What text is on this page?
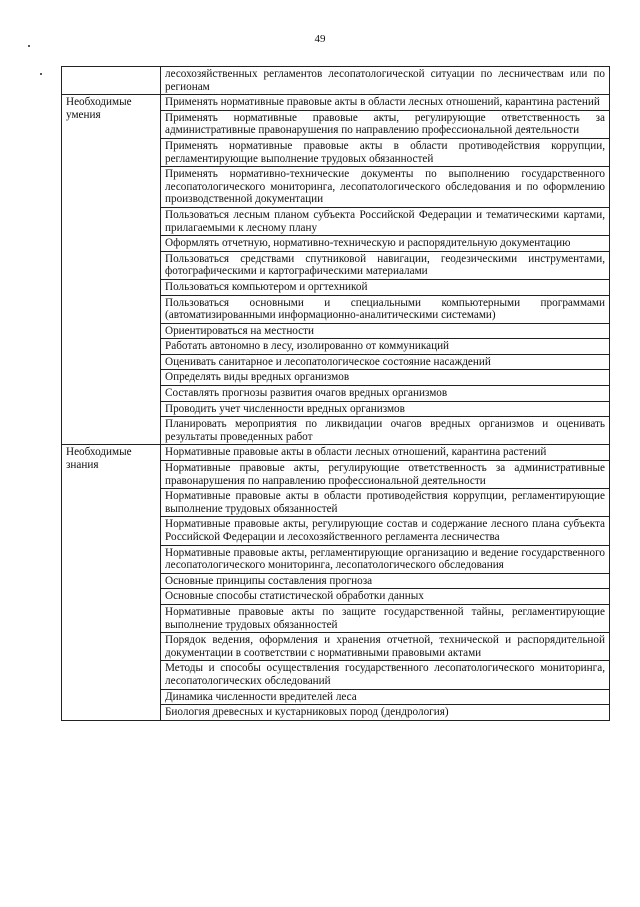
49
	лесохозяйственных регламентов лесопатологической ситуации по лесничествам или по регионам
Необходимые умения	Применять нормативные правовые акты в области лесных отношений, карантина растений
	Применять нормативные правовые акты, регулирующие ответственность за административные правонарушения по направлению профессиональной деятельности
	Применять нормативные правовые акты в области противодействия коррупции, регламентирующие выполнение трудовых обязанностей
	Применять нормативно-технические документы по выполнению государственного лесопатологического мониторинга, лесопатологического обследования и по оформлению производственной документации
	Пользоваться лесным планом субъекта Российской Федерации и тематическими картами, прилагаемыми к лесному плану
	Оформлять отчетную, нормативно-техническую и распорядительную документацию
	Пользоваться средствами спутниковой навигации, геодезическими инструментами, фотографическими и картографическими материалами
	Пользоваться компьютером и оргтехникой
	Пользоваться основными и специальными компьютерными программами (автоматизированными информационно-аналитическими системами)
	Ориентироваться на местности
	Работать автономно в лесу, изолированно от коммуникаций
	Оценивать санитарное и лесопатологическое состояние насаждений
	Определять виды вредных организмов
	Составлять прогнозы развития очагов вредных организмов
	Проводить учет численности вредных организмов
	Планировать мероприятия по ликвидации очагов вредных организмов и оценивать результаты проведенных работ
Необходимые знания	Нормативные правовые акты в области лесных отношений, карантина растений
	Нормативные правовые акты, регулирующие ответственность за административные правонарушения по направлению профессиональной деятельности
	Нормативные правовые акты в области противодействия коррупции, регламентирующие выполнение трудовых обязанностей
	Нормативные правовые акты, регулирующие состав и содержание лесного плана субъекта Российской Федерации и лесохозяйственного регламента лесничества
	Нормативные правовые акты, регламентирующие организацию и ведение государственного лесопатологического мониторинга, лесопатологического обследования
	Основные принципы составления прогноза
	Основные способы статистической обработки данных
	Нормативные правовые акты по защите государственной тайны, регламентирующие выполнение трудовых обязанностей
	Порядок ведения, оформления и хранения отчетной, технической и распорядительной документации в соответствии с нормативными правовыми актами
	Методы и способы осуществления государственного лесопатологического мониторинга, лесопатологических обследований
	Динамика численности вредителей леса
	Биология древесных и кустарниковых пород (дендрология)
